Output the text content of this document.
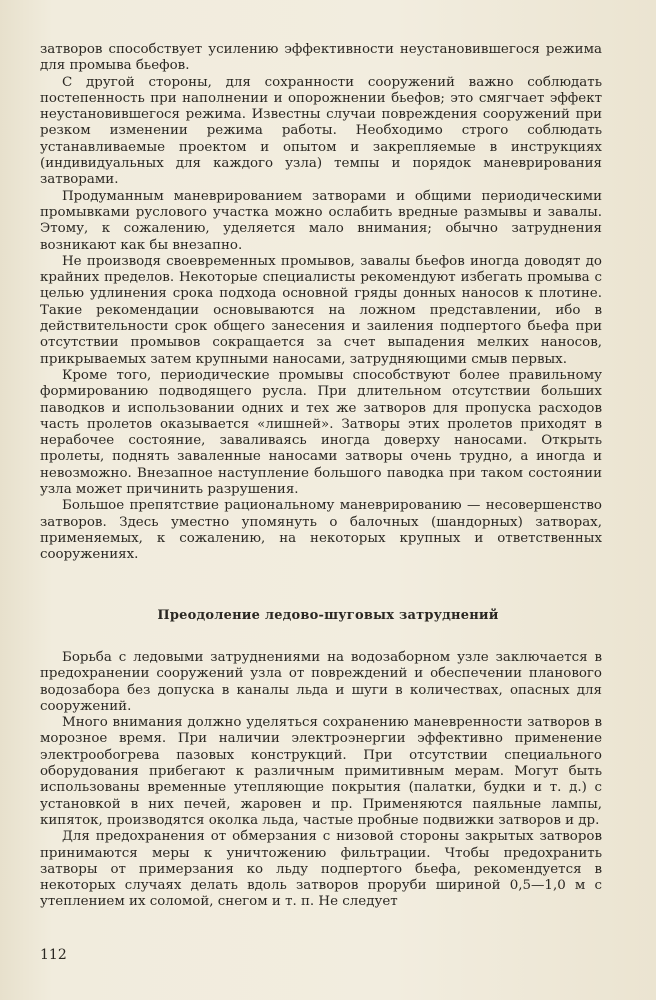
затворов способствует усилению эффективности неустановившегося режима для промыва бьефов.

С другой стороны, для сохранности сооружений важно соблюдать постепенность при наполнении и опорожнении бьефов; это смягчает эффект неустановившегося режима. Известны случаи повреждения сооружений при резком изменении режима работы. Необходимо строго соблюдать устанавливаемые проектом и опытом и закрепляемые в инструкциях (индивидуальных для каждого узла) темпы и порядок маневрирования затворами.

Продуманным маневрированием затворами и общими периодическими промывками руслового участка можно ослабить вредные размывы и завалы. Этому, к сожалению, уделяется мало внимания; обычно затруднения возникают как бы внезапно.

Не производя своевременных промывов, завалы бьефов иногда доводят до крайних пределов. Некоторые специалисты рекомендуют избегать промыва с целью удлинения срока подхода основной гряды донных наносов к плотине. Такие рекомендации основываются на ложном представлении, ибо в действительности срок общего занесения и заиления подпертого бьефа при отсутствии промывов сокращается за счет выпадения мелких наносов, прикрываемых затем крупными наносами, затрудняющими смыв первых.

Кроме того, периодические промывы способствуют более правильному формированию подводящего русла. При длительном отсутствии больших паводков и использовании одних и тех же затворов для пропуска расходов часть пролетов оказывается «лишней». Затворы этих пролетов приходят в нерабочее состояние, заваливаясь иногда доверху наносами. Открыть пролеты, поднять заваленные наносами затворы очень трудно, а иногда и невозможно. Внезапное наступление большого паводка при таком состоянии узла может причинить разрушения.

Большое препятствие рациональному маневрированию — несовершенство затворов. Здесь уместно упомянуть о балочных (шандорных) затворах, применяемых, к сожалению, на некоторых крупных и ответственных сооружениях.

Преодоление ледово-шуговых затруднений

Борьба с ледовыми затруднениями на водозаборном узле заключается в предохранении сооружений узла от повреждений и обеспечении планового водозабора без допуска в каналы льда и шуги в количествах, опасных для сооружений.

Много внимания должно уделяться сохранению маневренности затворов в морозное время. При наличии электроэнергии эффективно применение электрообогрева пазовых конструкций. При отсутствии специального оборудования прибегают к различным примитивным мерам. Могут быть использованы временные утепляющие покрытия (палатки, будки и т. д.) с установкой в них печей, жаровен и пр. Применяются паяльные лампы, кипяток, производятся околка льда, частые пробные подвижки затворов и др.

Для предохранения от обмерзания с низовой стороны закрытых затворов принимаются меры к уничтожению фильтрации. Чтобы предохранить затворы от примерзания ко льду подпертого бьефа, рекомендуется в некоторых случаях делать вдоль затворов проруби шириной 0,5—1,0 м с утеплением их соломой, снегом и т. п. Не следует

112
